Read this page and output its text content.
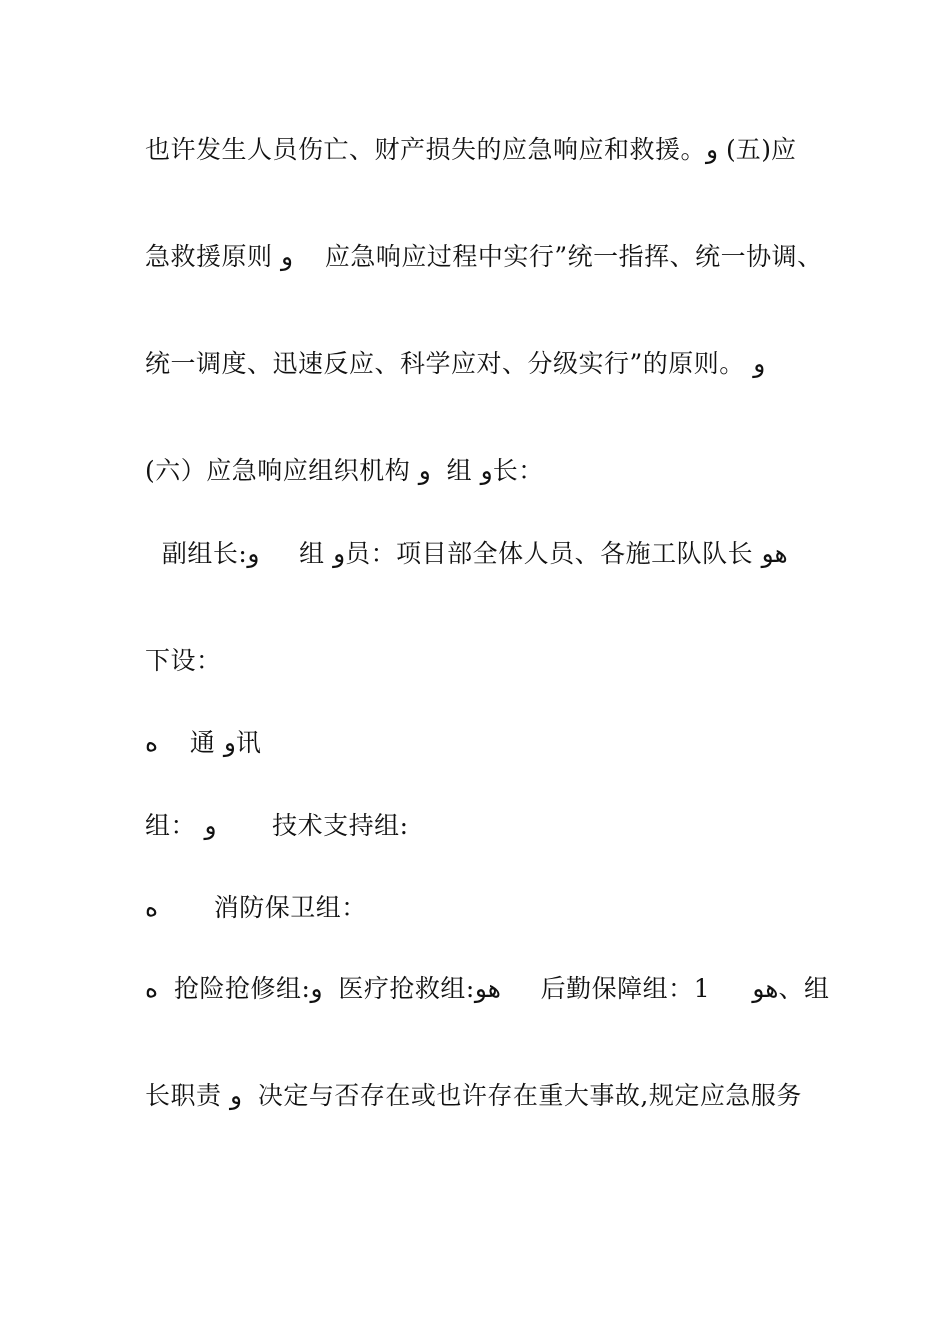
也许发生人员伤亡、财产损失的应急响应和救援。و (五)应
急救援原则 و    应急响应过程中实行”统一指挥、统一协调、
统一调度、迅速反应、科学应对、分级实行”的原则。 و
(六）应急响应组织机构 و  组 و长：
副组长:و     组 و员：项目部全体人员、各施工队队长 هو
下设：
ه    通 و讯
组： و       技术支持组:
ه       消防保卫组：
ه  抢险抢修组:و  医疗抢救组:هو     后勤保障组：1     هو、组
长职责 و  决定与否存在或也许存在重大事故,规定应急服务
